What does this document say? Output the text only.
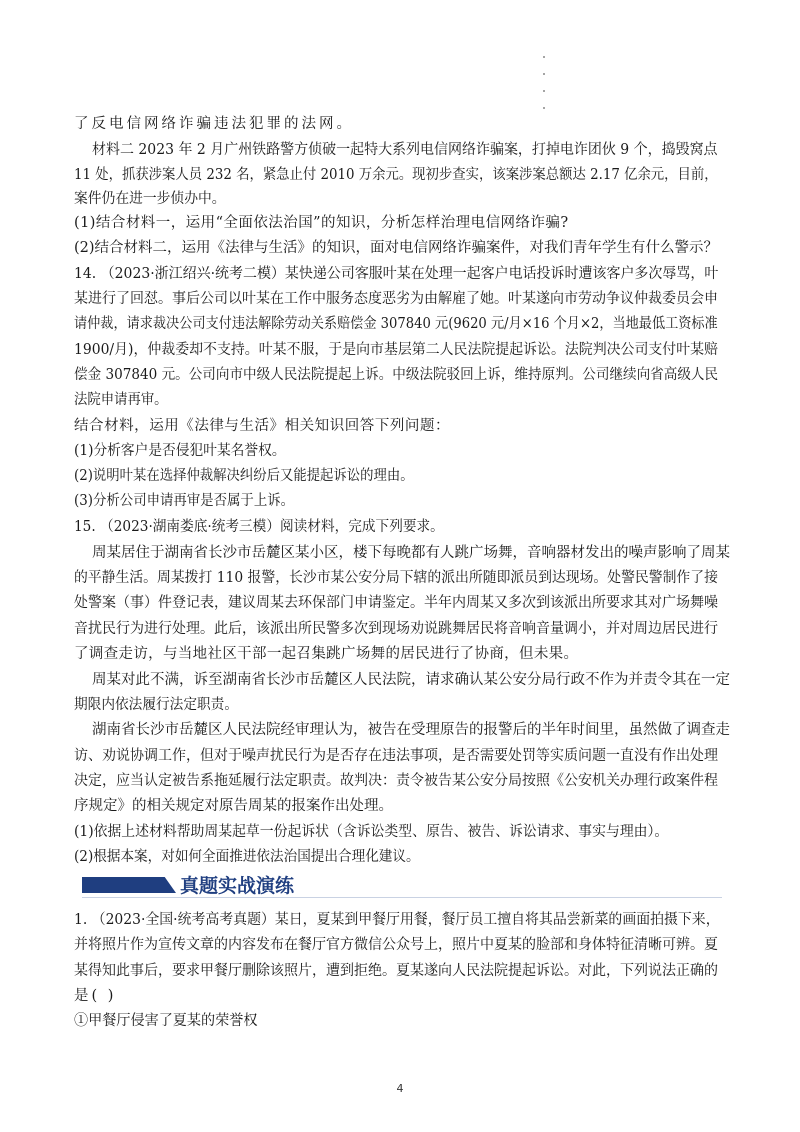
了反电信网络诈骗违法犯罪的法网。
材料二 2023 年 2 月广州铁路警方侦破一起特大系列电信网络诈骗案，打掉电诈团伙 9 个，捣毁窝点
11 处，抓获涉案人员 232 名，紧急止付 2010 万余元。现初步查实，该案涉案总额达 2.17 亿余元，目前，
案件仍在进一步侦办中。
(1)结合材料一，运用“全面依法治国”的知识，分析怎样治理电信网络诈骗?
(2)结合材料二，运用《法律与生活》的知识，面对电信网络诈骗案件，对我们青年学生有什么警示？
14. （2023·浙江绍兴·统考二模）某快递公司客服叶某在处理一起客户电话投诉时遭该客户多次辱骂，叶
某进行了回怼。事后公司以叶某在工作中服务态度恶劣为由解雇了她。叶某遂向市劳动争议仲裁委员会申
请仲裁，请求裁决公司支付违法解除劳动关系赔偿金 307840 元(9620 元/月×16 个月×2，当地最低工资标准
1900/月)，仲裁委却不支持。叶某不服，于是向市基层第二人民法院提起诉讼。法院判决公司支付叶某赔
偿金 307840 元。公司向市中级人民法院提起上诉。中级法院驳回上诉，维持原判。公司继续向省高级人民
法院申请再审。
结合材料，运用《法律与生活》相关知识回答下列问题：
(1)分析客户是否侵犯叶某名誉权。
(2)说明叶某在选择仲裁解决纠纷后又能提起诉讼的理由。
(3)分析公司申请再审是否属于上诉。
15. （2023·湖南娄底·统考三模）阅读材料，完成下列要求。
周某居住于湖南省长沙市岳麓区某小区，楼下每晚都有人跳广场舞，音响器材发出的噪声影响了周某
的平静生活。周某拨打 110 报警，长沙市某公安分局下辖的派出所随即派员到达现场。处警民警制作了接
处警案（事）件登记表，建议周某去环保部门申请鉴定。半年内周某又多次到该派出所要求其对广场舞噪
音扰民行为进行处理。此后，该派出所民警多次到现场劝说跳舞居民将音响音量调小，并对周边居民进行
了调查走访，与当地社区干部一起召集跳广场舞的居民进行了协商，但未果。
周某对此不满，诉至湖南省长沙市岳麓区人民法院，请求确认某公安分局行政不作为并责令其在一定
期限内依法履行法定职责。
湖南省长沙市岳麓区人民法院经审理认为，被告在受理原告的报警后的半年时间里，虽然做了调查走
访、劝说协调工作，但对于噪声扰民行为是否存在违法事项，是否需要处罚等实质问题一直没有作出处理
决定，应当认定被告系拖延履行法定职责。故判决：责令被告某公安分局按照《公安机关办理行政案件程
序规定》的相关规定对原告周某的报案作出处理。
(1)依据上述材料帮助周某起草一份起诉状（含诉讼类型、原告、被告、诉讼请求、事实与理由）。
(2)根据本案，对如何全面推进依法治国提出合理化建议。
1. （2023·全国·统考高考真题）某日，夏某到甲餐厅用餐，餐厅员工擅自将其品尝新菜的画面拍摄下来，
并将照片作为宣传文章的内容发布在餐厅官方微信公众号上，照片中夏某的脸部和身体特征清晰可辨。夏
某得知此事后，要求甲餐厅删除该照片，遭到拒绝。夏某遂向人民法院提起诉讼。对此，下列说法正确的
是( )
①甲餐厅侵害了夏某的荣誉权
真题实战演练
4
